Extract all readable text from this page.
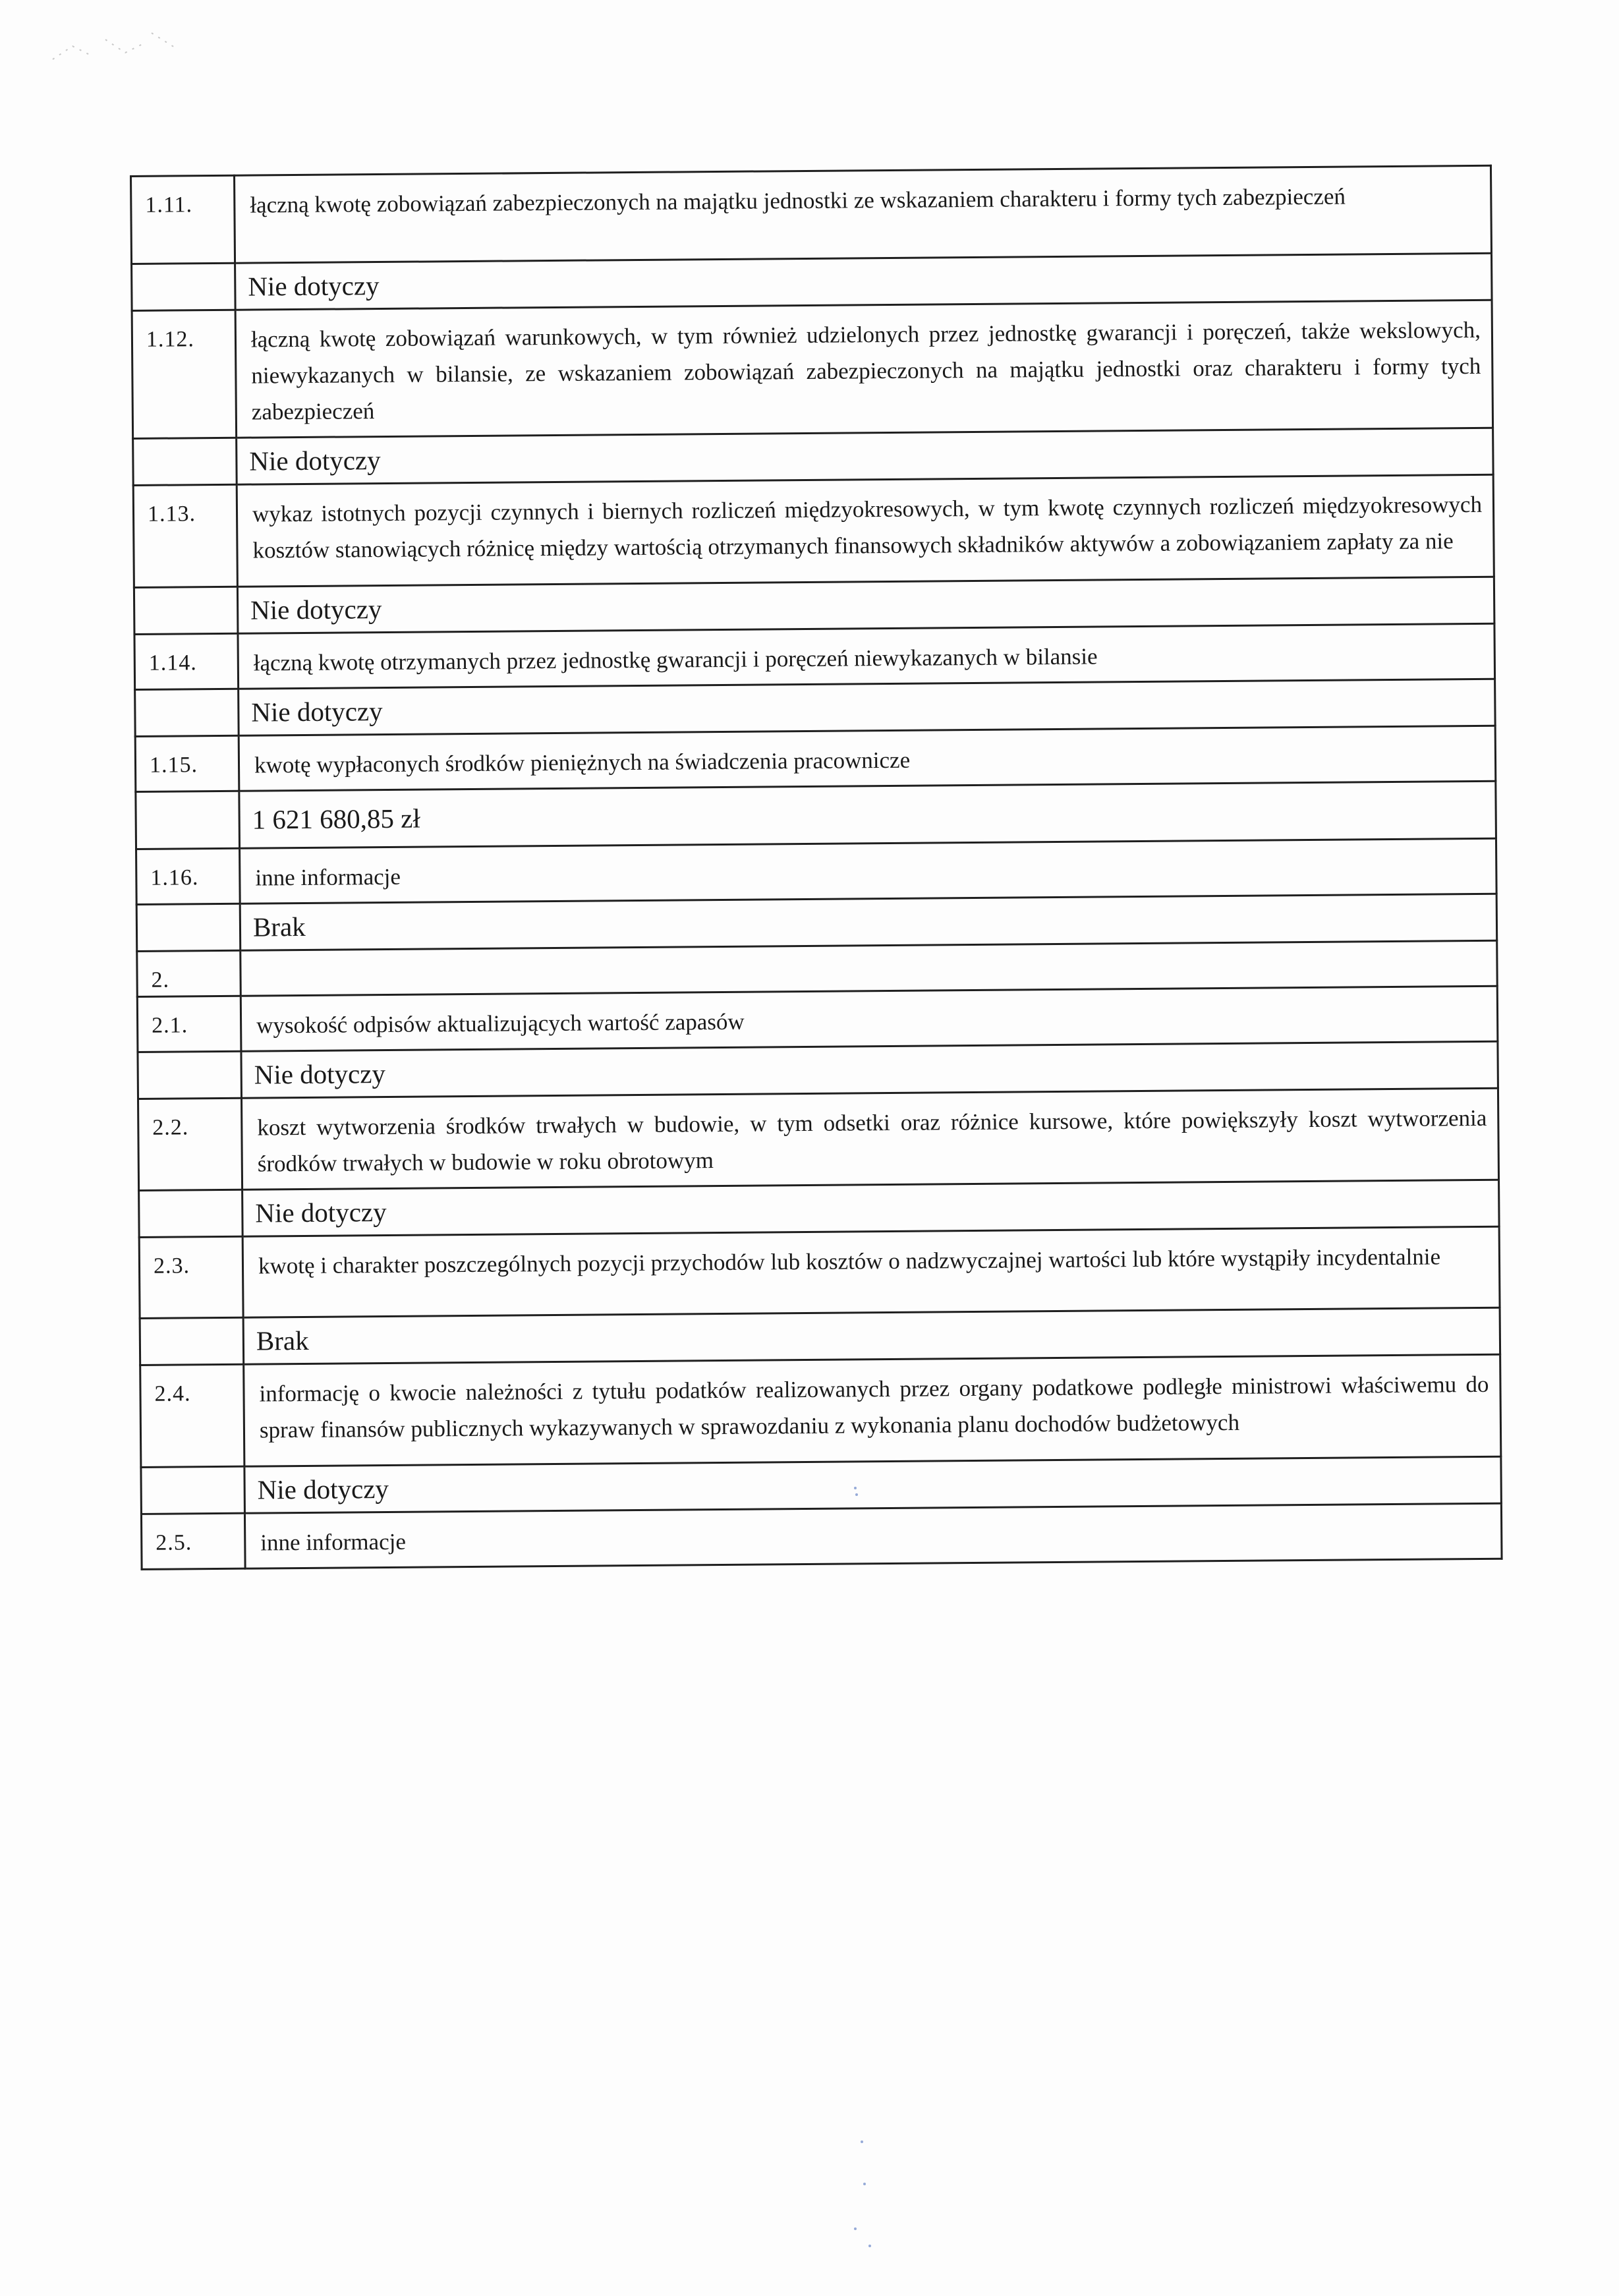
1.11.	łączną kwotę zobowiązań zabezpieczonych na majątku jednostki ze wskazaniem charakteru i formy tych zabezpieczeń

	Nie dotyczy

1.12.	łączną kwotę zobowiązań warunkowych, w tym również udzielonych przez jednostkę gwarancji i poręczeń, także wekslowych, niewykazanych w bilansie, ze wskazaniem zobowiązań zabezpieczonych na majątku jednostki oraz charakteru i formy tych zabezpieczeń

	Nie dotyczy

1.13.	wykaz istotnych pozycji czynnych i biernych rozliczeń międzyokresowych, w tym kwotę czynnych rozliczeń międzyokresowych kosztów stanowiących różnicę między wartością otrzymanych finansowych składników aktywów a zobowiązaniem zapłaty za nie

	Nie dotyczy

1.14.	łączną kwotę otrzymanych przez jednostkę gwarancji i poręczeń niewykazanych w bilansie

	Nie dotyczy

1.15.	kwotę wypłaconych środków pieniężnych na świadczenia pracownicze

	1 621 680,85 zł

1.16.	inne informacje

	Brak

2.	

2.1.	wysokość odpisów aktualizujących wartość zapasów

	Nie dotyczy

2.2.	koszt wytworzenia środków trwałych w budowie, w tym odsetki oraz różnice kursowe, które powiększyły koszt wytworzenia środków trwałych w budowie w roku obrotowym

	Nie dotyczy

2.3.	kwotę i charakter poszczególnych pozycji przychodów lub kosztów o nadzwyczajnej wartości lub które wystąpiły incydentalnie

	Brak

2.4.	informację o kwocie należności z tytułu podatków realizowanych przez organy podatkowe podległe ministrowi właściwemu do spraw finansów publicznych wykazywanych w sprawozdaniu z wykonania planu dochodów budżetowych

	Nie dotyczy

2.5.	inne informacje
